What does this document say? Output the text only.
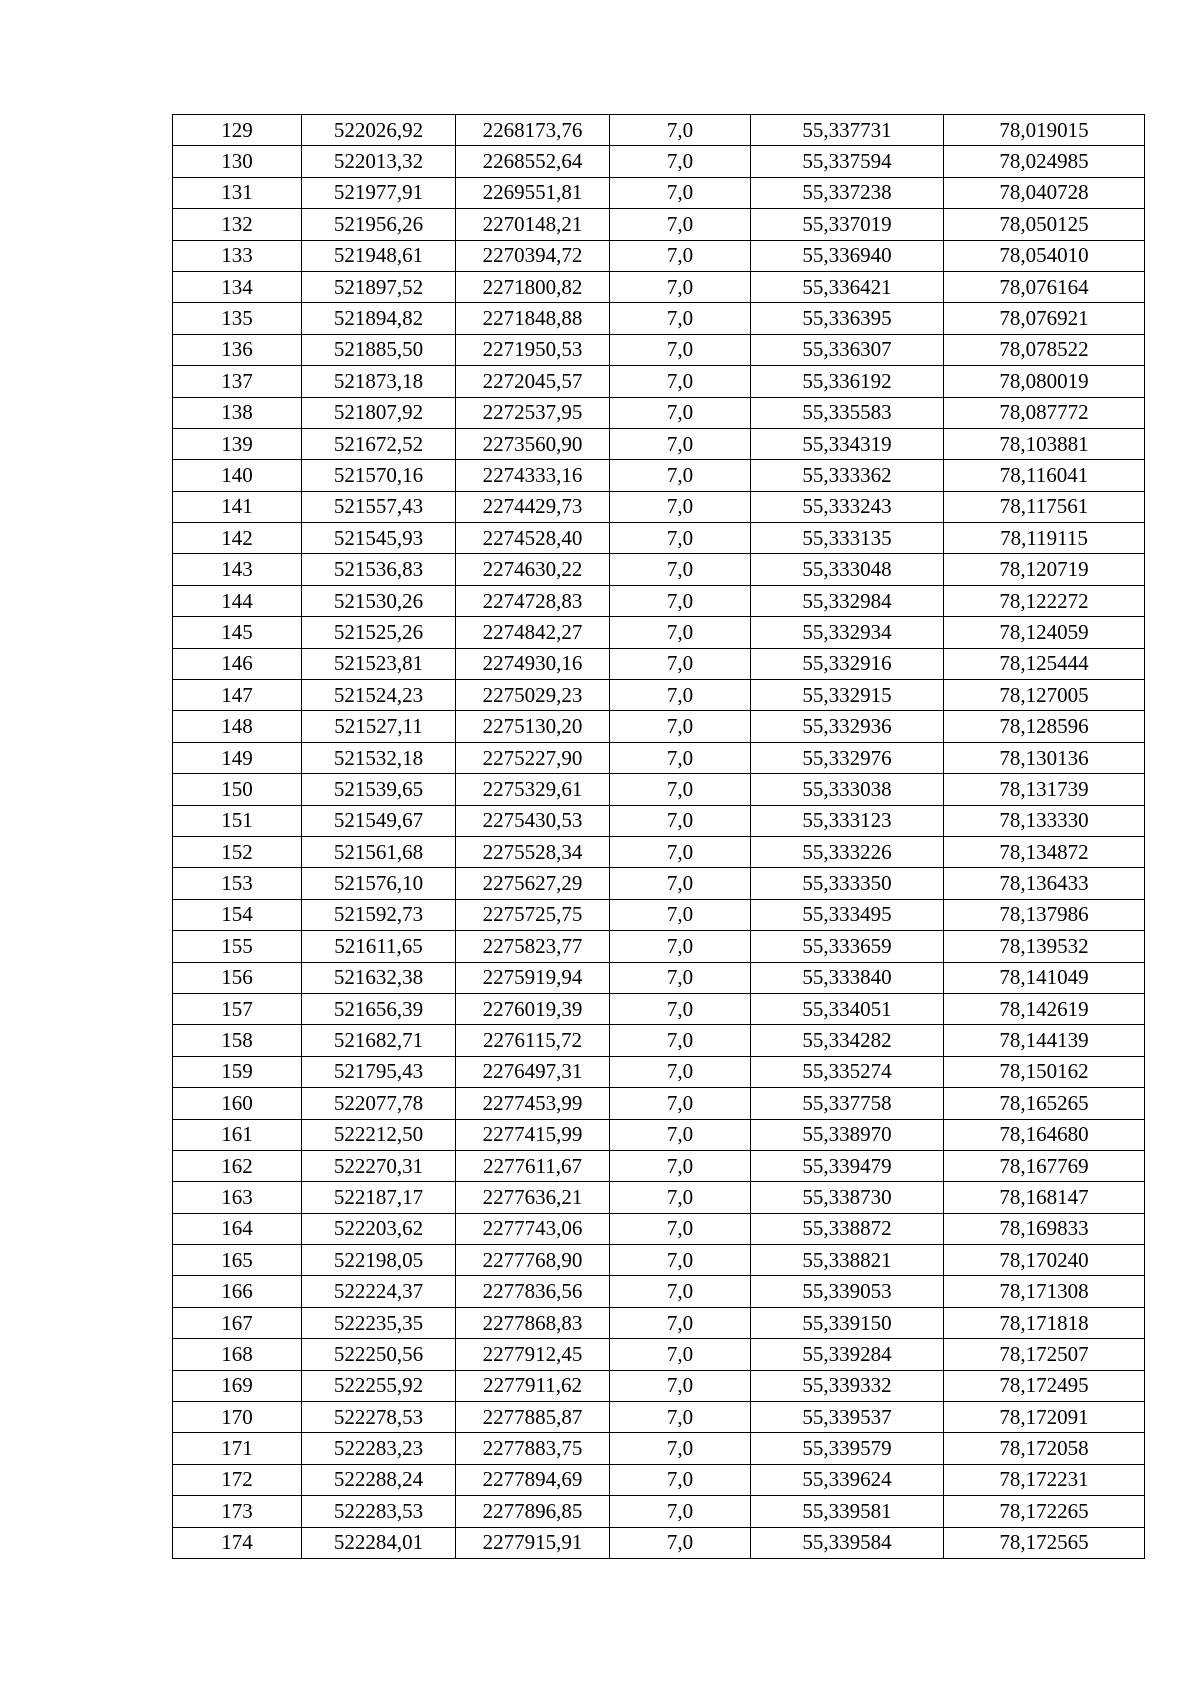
129	522026,92	2268173,76	7,0	55,337731	78,019015
130	522013,32	2268552,64	7,0	55,337594	78,024985
131	521977,91	2269551,81	7,0	55,337238	78,040728
132	521956,26	2270148,21	7,0	55,337019	78,050125
133	521948,61	2270394,72	7,0	55,336940	78,054010
134	521897,52	2271800,82	7,0	55,336421	78,076164
135	521894,82	2271848,88	7,0	55,336395	78,076921
136	521885,50	2271950,53	7,0	55,336307	78,078522
137	521873,18	2272045,57	7,0	55,336192	78,080019
138	521807,92	2272537,95	7,0	55,335583	78,087772
139	521672,52	2273560,90	7,0	55,334319	78,103881
140	521570,16	2274333,16	7,0	55,333362	78,116041
141	521557,43	2274429,73	7,0	55,333243	78,117561
142	521545,93	2274528,40	7,0	55,333135	78,119115
143	521536,83	2274630,22	7,0	55,333048	78,120719
144	521530,26	2274728,83	7,0	55,332984	78,122272
145	521525,26	2274842,27	7,0	55,332934	78,124059
146	521523,81	2274930,16	7,0	55,332916	78,125444
147	521524,23	2275029,23	7,0	55,332915	78,127005
148	521527,11	2275130,20	7,0	55,332936	78,128596
149	521532,18	2275227,90	7,0	55,332976	78,130136
150	521539,65	2275329,61	7,0	55,333038	78,131739
151	521549,67	2275430,53	7,0	55,333123	78,133330
152	521561,68	2275528,34	7,0	55,333226	78,134872
153	521576,10	2275627,29	7,0	55,333350	78,136433
154	521592,73	2275725,75	7,0	55,333495	78,137986
155	521611,65	2275823,77	7,0	55,333659	78,139532
156	521632,38	2275919,94	7,0	55,333840	78,141049
157	521656,39	2276019,39	7,0	55,334051	78,142619
158	521682,71	2276115,72	7,0	55,334282	78,144139
159	521795,43	2276497,31	7,0	55,335274	78,150162
160	522077,78	2277453,99	7,0	55,337758	78,165265
161	522212,50	2277415,99	7,0	55,338970	78,164680
162	522270,31	2277611,67	7,0	55,339479	78,167769
163	522187,17	2277636,21	7,0	55,338730	78,168147
164	522203,62	2277743,06	7,0	55,338872	78,169833
165	522198,05	2277768,90	7,0	55,338821	78,170240
166	522224,37	2277836,56	7,0	55,339053	78,171308
167	522235,35	2277868,83	7,0	55,339150	78,171818
168	522250,56	2277912,45	7,0	55,339284	78,172507
169	522255,92	2277911,62	7,0	55,339332	78,172495
170	522278,53	2277885,87	7,0	55,339537	78,172091
171	522283,23	2277883,75	7,0	55,339579	78,172058
172	522288,24	2277894,69	7,0	55,339624	78,172231
173	522283,53	2277896,85	7,0	55,339581	78,172265
174	522284,01	2277915,91	7,0	55,339584	78,172565
